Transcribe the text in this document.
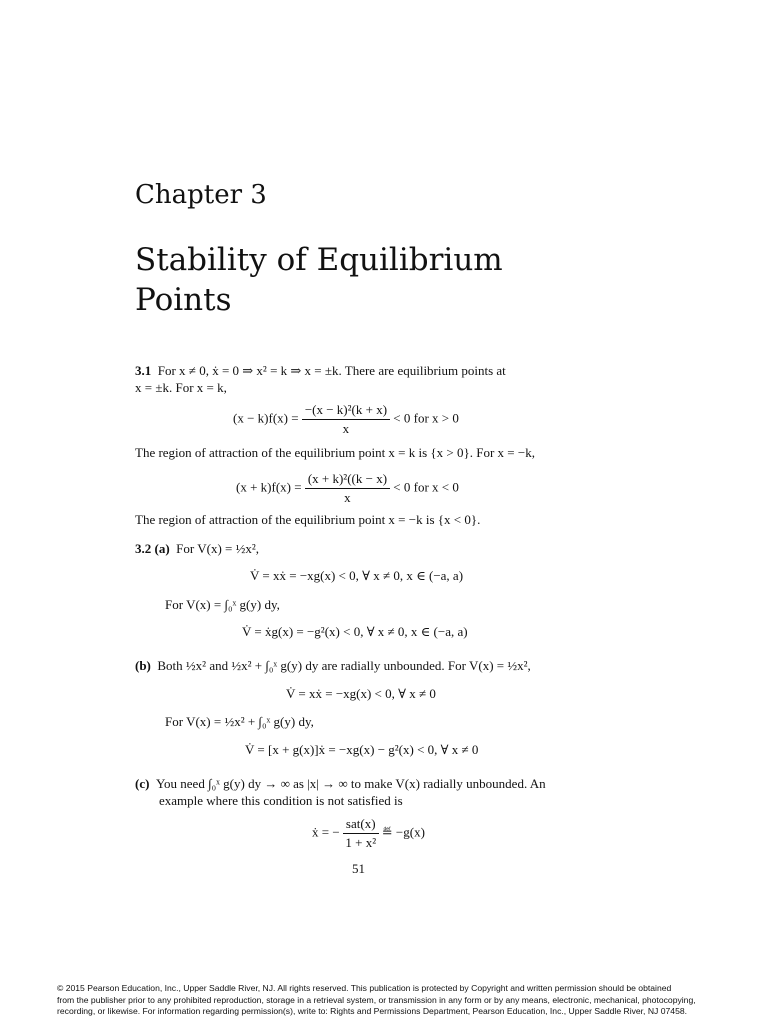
Chapter 3
Stability of Equilibrium
Points
3.1 For x ≠ 0, ẋ = 0 ⇒ x² = k ⇒ x = ±k. There are equilibrium points at
x = ±k. For x = k,
$(x - k)f(x) = \frac{\text{−(x − k)²(k + x)}}{x} < 0$ for x > 0
The region of attraction of the equilibrium point x = k is {x > 0}. For x = −k,
$(x + k)f(x) = \frac{\text{(x + k)²((k − x)}}{x} < 0$ for x < 0
The region of attraction of the equilibrium point x = −k is {x < 0}.
3.2 (a) For V(x) = ½x²,
V̇ = xẋ = −xg(x) < 0, ∀ x ≠ 0, x ∈ (−a, a)
For V(x) = ∫₀ˣ g(y) dy,
V̇ = ẋg(x) = −g²(x) < 0, ∀ x ≠ 0, x ∈ (−a, a)
(b) Both ½x² and ½x² + ∫₀ˣ g(y) dy are radially unbounded. For V(x) = ½x²,
V̇ = xẋ = −xg(x) < 0, ∀ x ≠ 0
For V(x) = ½x² + ∫₀ˣ g(y) dy,
V̇ = [x + g(x)]ẋ = −xg(x) − g²(x) < 0, ∀ x ≠ 0
(c) You need ∫₀ˣ g(y) dy → ∞ as |x| → ∞ to make V(x) radially unbounded. An
example where this condition is not satisfied is
ẋ = − $\frac{\text{sat(x)}}{\text{1 + x²}}$ ≝ −g(x)
51
© 2015 Pearson Education, Inc., Upper Saddle River, NJ. All rights reserved. This publication is protected by Copyright and written permission should be obtained
from the publisher prior to any prohibited reproduction, storage in a retrieval system, or transmission in any form or by any means, electronic, mechanical, photocopying,
recording, or likewise. For information regarding permission(s), write to: Rights and Permissions Department, Pearson Education, Inc., Upper Saddle River, NJ 07458.
